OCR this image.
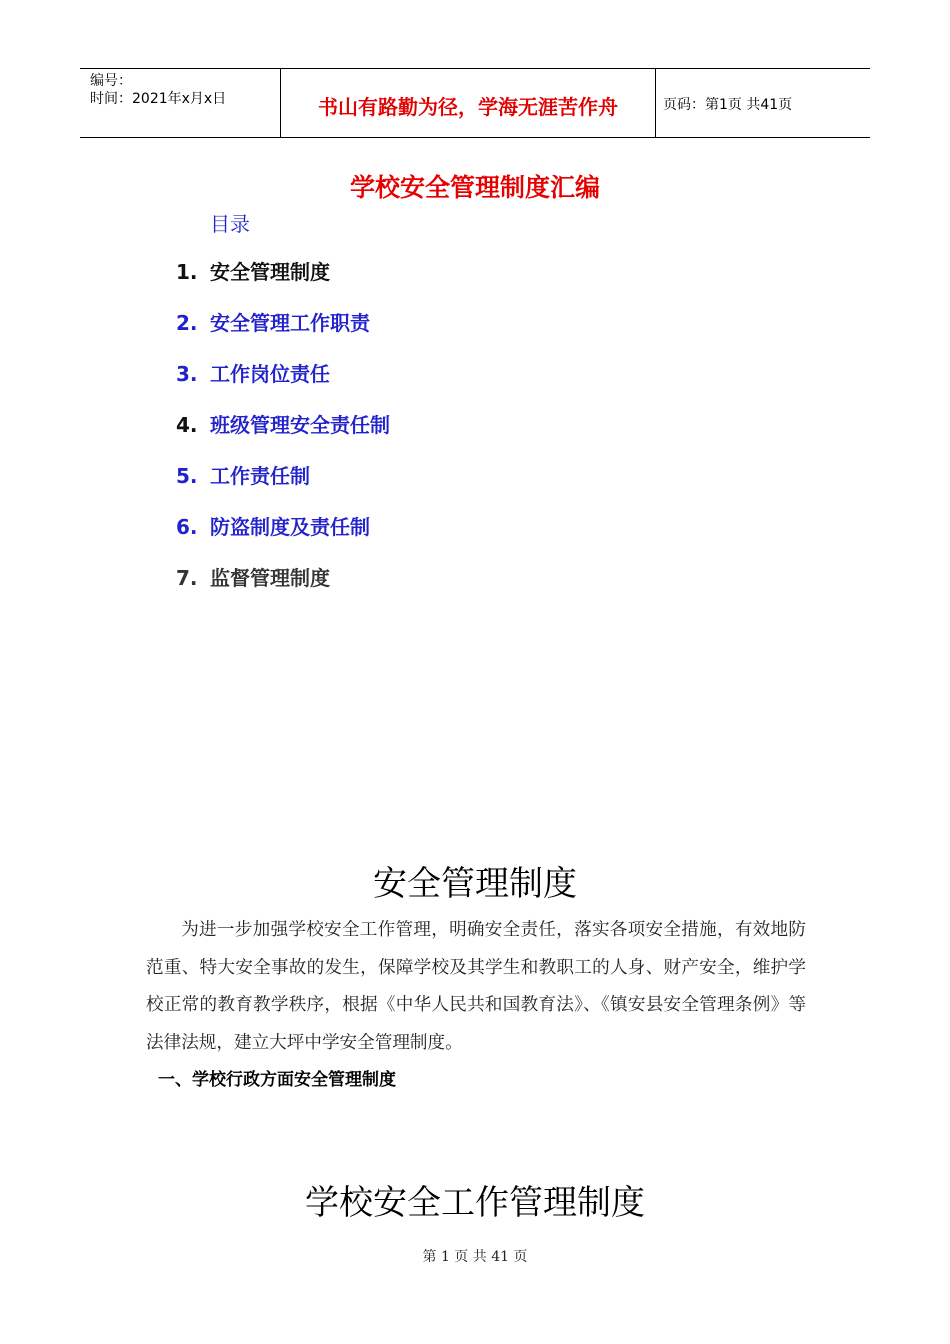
编号：
时间：2021年x月x日	书山有路勤为径，学海无涯苦作舟	页码：第1页 共41页
学校安全管理制度汇编
目录
1. 安全管理制度
2. 安全管理工作职责
3. 工作岗位责任
4. 班级管理安全责任制
5. 工作责任制
6. 防盗制度及责任制
7. 监督管理制度
安全管理制度

为进一步加强学校安全工作管理，明确安全责任，落实各项安全措施，有效地防范重、特大安全事故的发生，保障学校及其学生和教职工的人身、财产安全，维护学校正常的教育教学秩序，根据《中华人民共和国教育法》、《镇安县安全管理条例》等法律法规，建立大坪中学安全管理制度。

一、学校行政方面安全管理制度
学校安全工作管理制度
第 1 页 共 41 页
